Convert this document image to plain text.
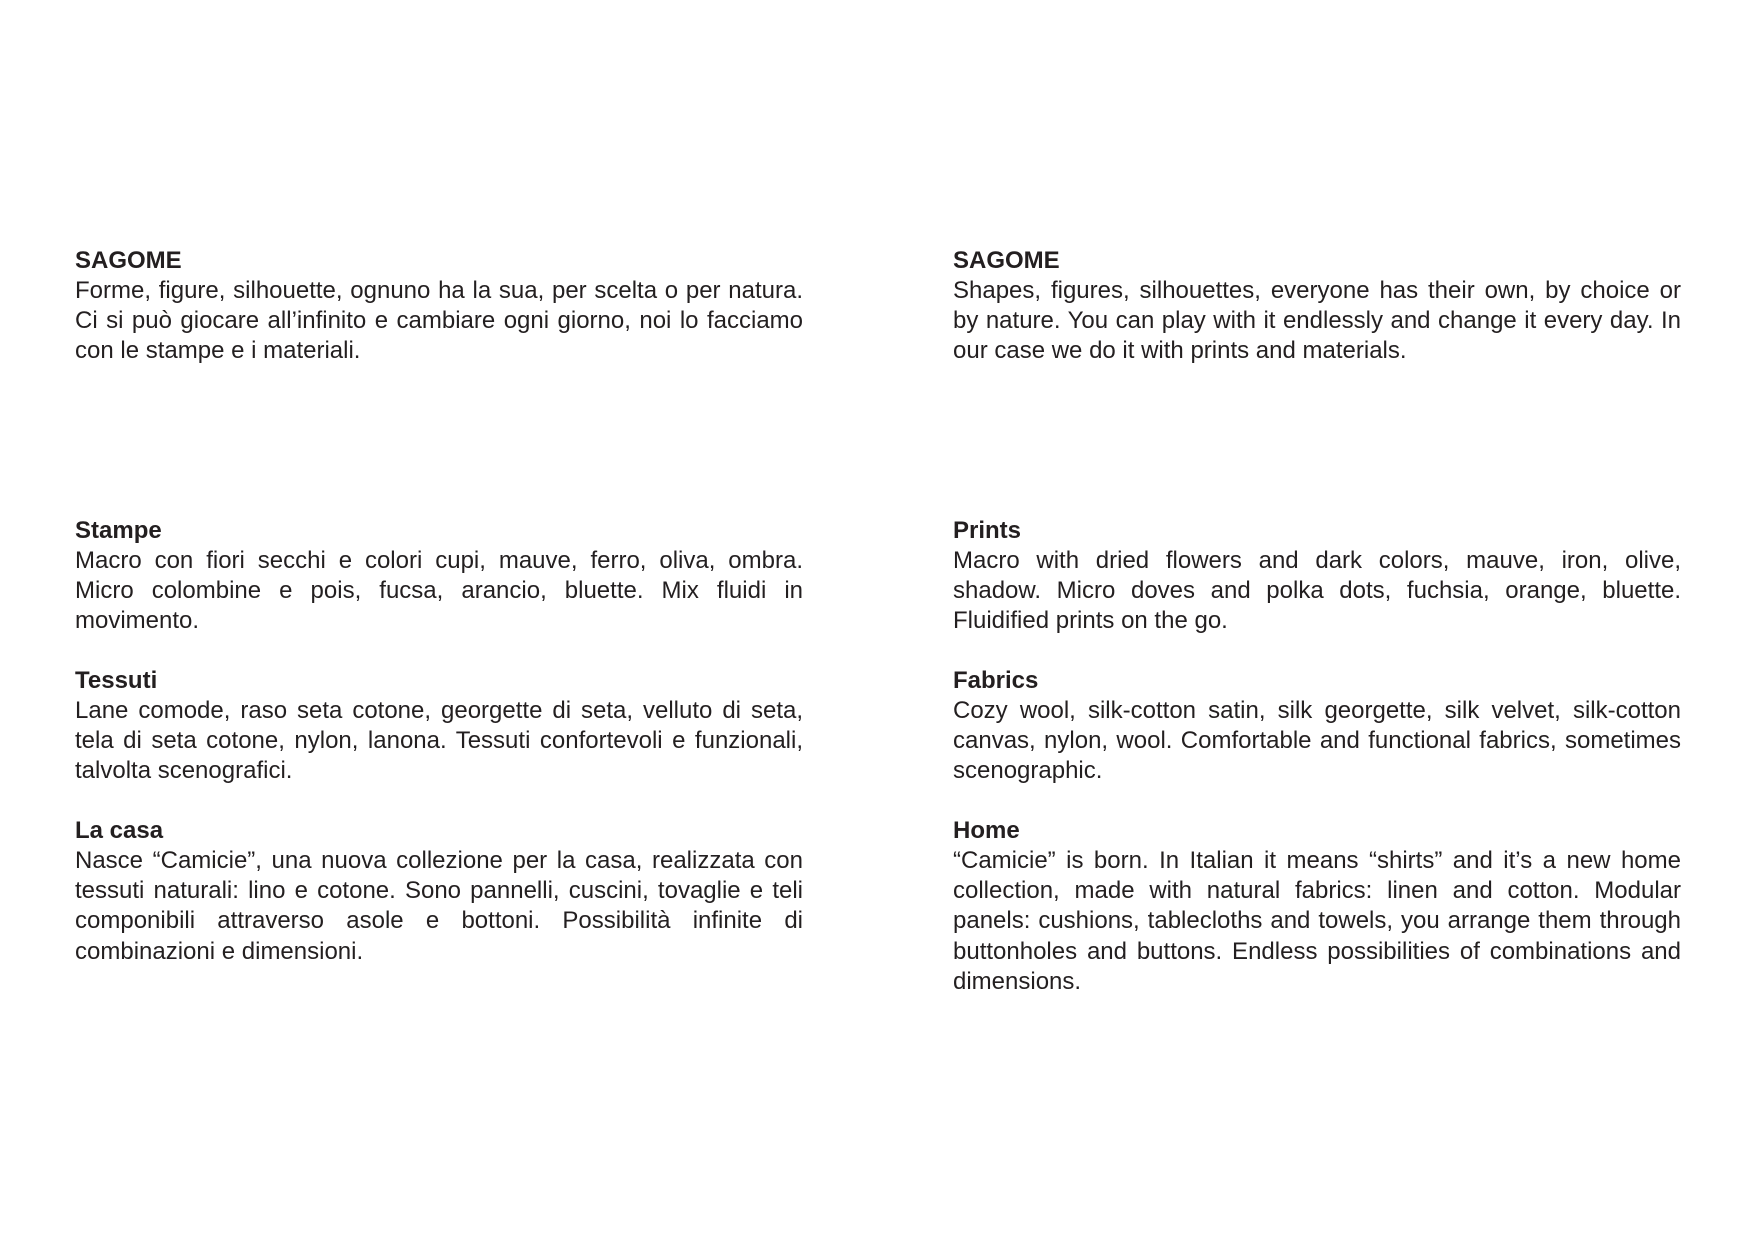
SAGOME

Forme, figure, silhouette, ognuno ha la sua, per scelta o per natura. Ci si può giocare all’infinito e cambiare ogni giorno, noi lo facciamo con le stampe e i materiali.

Stampe

Macro con fiori secchi e colori cupi, mauve, ferro, oliva, ombra. Micro colombine e pois, fucsa, arancio, bluette. Mix fluidi in movimento.

Tessuti

Lane comode, raso seta cotone, georgette di seta, velluto di seta, tela di seta cotone, nylon, lanona. Tessuti confortevoli e funzionali, talvolta scenografici.

La casa

Nasce “Camicie”, una nuova collezione per la casa, realizzata con tessuti naturali: lino e cotone. Sono pannelli, cuscini, tovaglie e teli componibili attraverso asole e bottoni. Possibilità infinite di combinazioni e dimensioni.

SAGOME

Shapes, figures, silhouettes, everyone has their own, by choice or by nature. You can play with it endlessly and change it every day. In our case we do it with prints and materials.

Prints

Macro with dried flowers and dark colors, mauve, iron, olive, shadow. Micro doves and polka dots, fuchsia, orange, bluette. Fluidified prints on the go.

Fabrics

Cozy wool, silk-cotton satin, silk georgette, silk velvet, silk-cotton canvas, nylon, wool. Comfortable and functional fabrics, sometimes scenographic.

Home

“Camicie” is born. In Italian it means “shirts” and it’s a new home collection, made with natural fabrics: linen and cotton. Modular panels: cushions, tablecloths and towels, you arrange them through buttonholes and buttons. Endless possibilities of combinations and dimensions.
